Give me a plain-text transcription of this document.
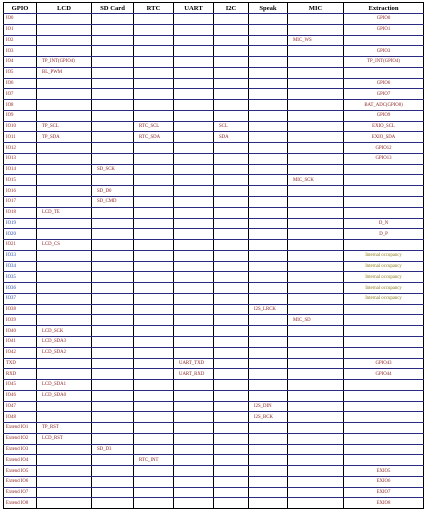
GPIO	LCD	SD Card	RTC	UART	I2C	Speak	MIC	Extraction
IO0								GPIO0
IO1								GPIO1
IO2							MIC_WS	
IO3								GPIO3
IO4	TP_INT(GPIO4)							TP_INT(GPIO4)
IO5	BL_PWM							
IO6								GPIO6
IO7								GPIO7
IO8								BAT_ADC(GPIO8)
IO9								GPIO9
IO10	TP_SCL		RTC_SCL		SCL			EXIO_SCL
IO11	TP_SDA		RTC_SDA		SDA			EXIO_SDA
IO12								GPIO12
IO13								GPIO13
IO14		SD_SCK						
IO15							MIC_SCK	
IO16		SD_D0						
IO17		SD_CMD						
IO18	LCD_TE							
IO19								D_N
IO20								D_P
IO21	LCD_CS							
IO33								Internal occupancy
IO34								Internal occupancy
IO35								Internal occupancy
IO36								Internal occupancy
IO37								Internal occupancy
IO38						I2S_LRCK		
IO39							MIC_SD	
IO40	LCD_SCK							
IO41	LCD_SDA3							
IO42	LCD_SDA2							
TXD				UART_TXD				GPIO43
RXD				UART_RXD				GPIO44
IO45	LCD_SDA1							
IO46	LCD_SDA0							
IO47						I2S_DIN		
IO48						I2S_BCK		
Extend IO1	TP_RST							
Extend IO2	LCD_RST							
Extend IO3		SD_D3						
Extend IO4			RTC_INT					
Extend IO5								EXIO5
Extend IO6								EXIO6
Extend IO7								EXIO7
Extend IO8								EXIO8
